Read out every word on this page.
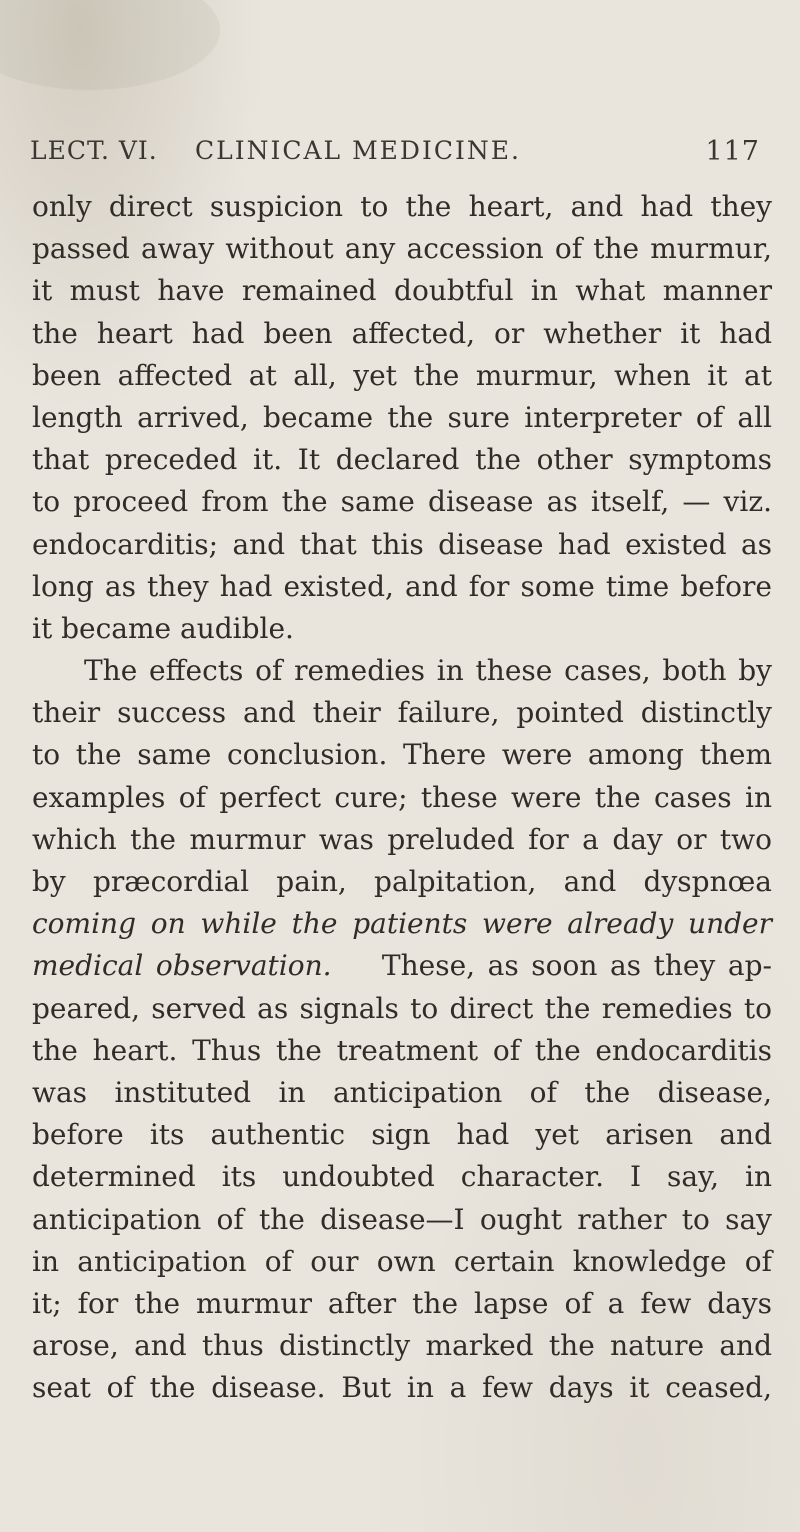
LECT. VI. CLINICAL MEDICINE.	117
only direct suspicion to the heart, and had they
passed away without any accession of the murmur,
it must have remained doubtful in what manner
the heart had been affected, or whether it had
been affected at all, yet the murmur, when it at
length arrived, became the sure interpreter of all
that preceded it. It declared the other symptoms
to proceed from the same disease as itself, — viz.
endocarditis; and that this disease had existed as
long as they had existed, and for some time before
it became audible.
The effects of remedies in these cases, both by
their success and their failure, pointed distinctly
to the same conclusion. There were among them
examples of perfect cure; these were the cases in
which the murmur was preluded for a day or two
by præcordial pain, palpitation, and dyspnœa
coming on while the patients were already under
medical observation. These, as soon as they ap-
peared, served as signals to direct the remedies to
the heart. Thus the treatment of the endocarditis
was instituted in anticipation of the disease,
before its authentic sign had yet arisen and
determined its undoubted character. I say, in
anticipation of the disease—I ought rather to say
in anticipation of our own certain knowledge of
it; for the murmur after the lapse of a few days
arose, and thus distinctly marked the nature and
seat of the disease. But in a few days it ceased,
